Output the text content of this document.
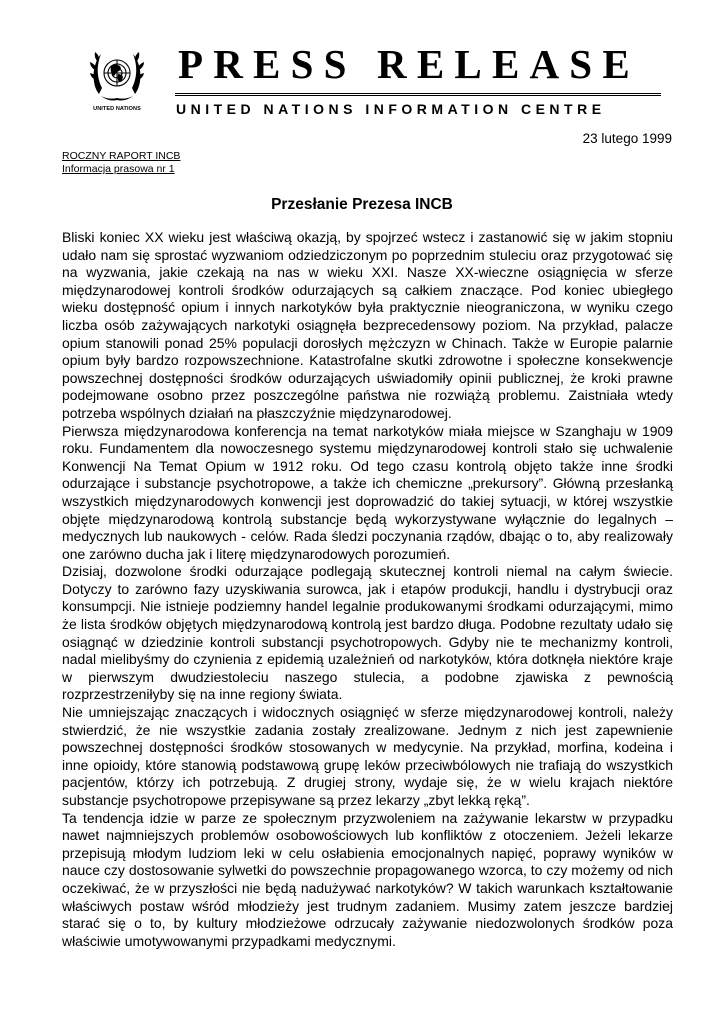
UNITED NATIONS
PRESS RELEASE
UNITED NATIONS INFORMATION CENTRE
23 lutego 1999
ROCZNY RAPORT INCB
Informacja prasowa nr 1
Przesłanie Prezesa INCB

Bliski koniec XX wieku jest właściwą okazją, by spojrzeć wstecz i zastanowić się w jakim stopniu udało nam się sprostać wyzwaniom odziedziczonym po poprzednim stuleciu oraz przygotować się na wyzwania, jakie czekają na nas w wieku XXI. Nasze XX-wieczne osiągnięcia w sferze międzynarodowej kontroli środków odurzających są całkiem znaczące. Pod koniec ubiegłego wieku dostępność opium i innych narkotyków była praktycznie nieograniczona, w wyniku czego liczba osób zażywających narkotyki osiągnęła bezprecedensowy poziom. Na przykład, palacze opium stanowili ponad 25% populacji dorosłych mężczyzn w Chinach. Także w Europie palarnie opium były bardzo rozpowszechnione. Katastrofalne skutki zdrowotne i społeczne konsekwencje powszechnej dostępności środków odurzających uświadomiły opinii publicznej, że kroki prawne podejmowane osobno przez poszczególne państwa nie rozwiążą problemu. Zaistniała wtedy potrzeba wspólnych działań na płaszczyźnie międzynarodowej.

Pierwsza międzynarodowa konferencja na temat narkotyków miała miejsce w Szanghaju w 1909 roku. Fundamentem dla nowoczesnego systemu międzynarodowej kontroli stało się uchwalenie Konwencji Na Temat Opium w 1912 roku. Od tego czasu kontrolą objęto także inne środki odurzające i substancje psychotropowe, a także ich chemiczne „prekursory”. Główną przesłanką wszystkich międzynarodowych konwencji jest doprowadzić do takiej sytuacji, w której wszystkie objęte międzynarodową kontrolą substancje będą wykorzystywane wyłącznie do legalnych – medycznych lub naukowych - celów. Rada śledzi poczynania rządów, dbając o to, aby realizowały one zarówno ducha jak i literę międzynarodowych porozumień.

Dzisiaj, dozwolone środki odurzające podlegają skutecznej kontroli niemal na całym świecie. Dotyczy to zarówno fazy uzyskiwania surowca, jak i etapów produkcji, handlu i dystrybucji oraz konsumpcji. Nie istnieje podziemny handel legalnie produkowanymi środkami odurzającymi, mimo że lista środków objętych międzynarodową kontrolą jest bardzo długa. Podobne rezultaty udało się osiągnąć w dziedzinie kontroli substancji psychotropowych. Gdyby nie te mechanizmy kontroli, nadal mielibyśmy do czynienia z epidemią uzależnień od narkotyków, która dotknęła niektóre kraje w pierwszym dwudziestoleciu naszego stulecia, a podobne zjawiska z pewnością rozprzestrzeniłyby się na inne regiony świata.

Nie umniejszając znaczących i widocznych osiągnięć w sferze międzynarodowej kontroli, należy stwierdzić, że nie wszystkie zadania zostały zrealizowane. Jednym z nich jest zapewnienie powszechnej dostępności środków stosowanych w medycynie. Na przykład, morfina, kodeina i inne opioidy, które stanowią podstawową grupę leków przeciwbólowych nie trafiają do wszystkich pacjentów, którzy ich potrzebują. Z drugiej strony, wydaje się, że w wielu krajach niektóre substancje psychotropowe przepisywane są przez lekarzy „zbyt lekką ręką”.

Ta tendencja idzie w parze ze społecznym przyzwoleniem na zażywanie lekarstw w przypadku nawet najmniejszych problemów osobowościowych lub konfliktów z otoczeniem. Jeżeli lekarze przepisują młodym ludziom leki w celu osłabienia emocjonalnych napięć, poprawy wyników w nauce czy dostosowanie sylwetki do powszechnie propagowanego wzorca, to czy możemy od nich oczekiwać, że w przyszłości nie będą nadużywać narkotyków? W takich warunkach kształtowanie właściwych postaw wśród młodzieży jest trudnym zadaniem. Musimy zatem jeszcze bardziej starać się o to, by kultury młodzieżowe odrzucały zażywanie niedozwolonych środków poza właściwie umotywowanymi przypadkami medycznymi.
